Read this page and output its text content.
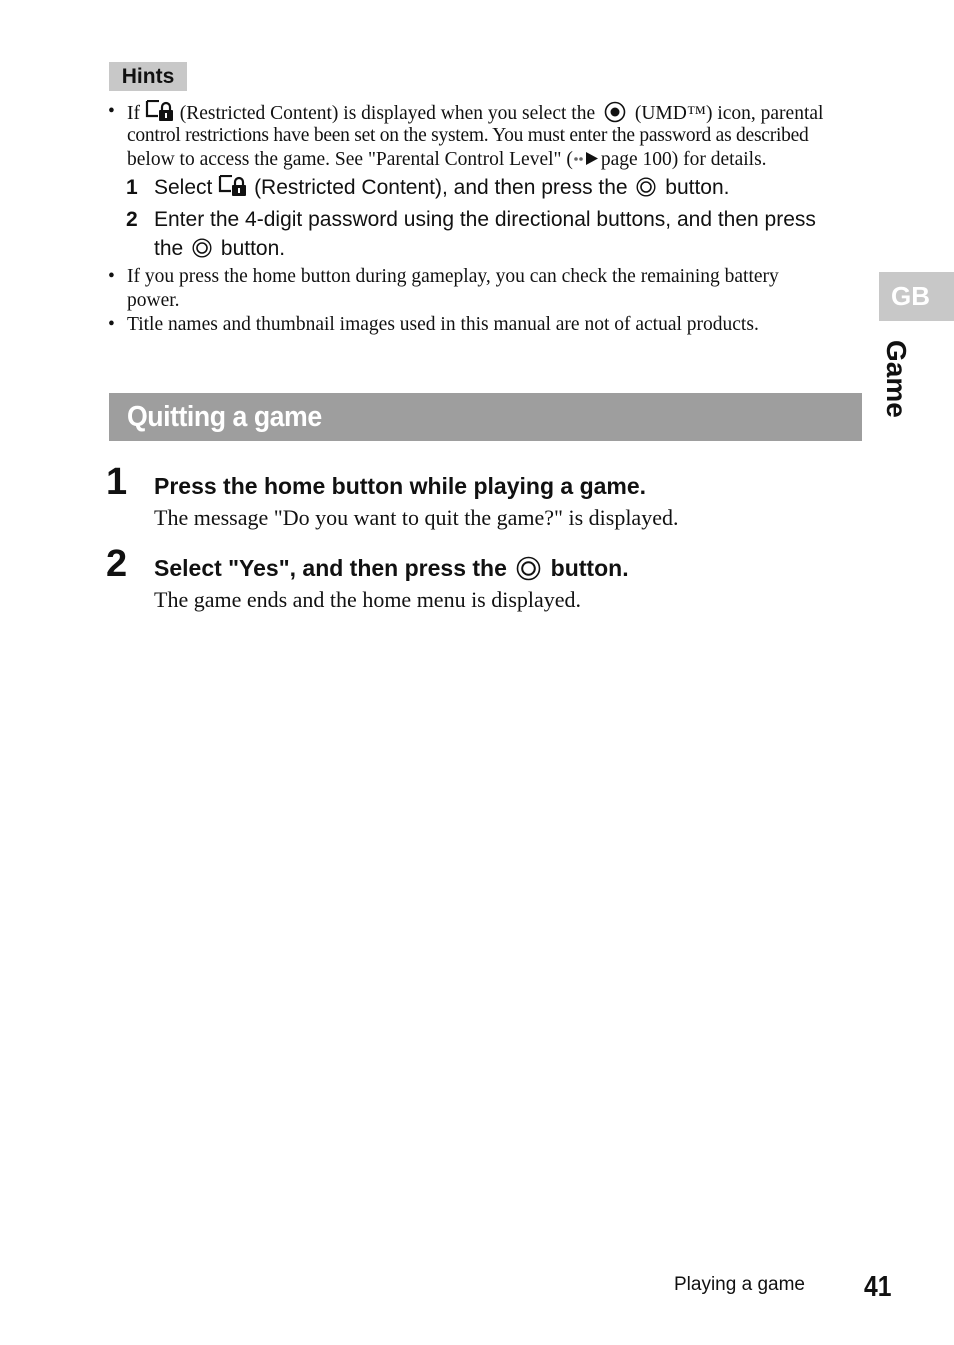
Hints
• If (Restricted Content) is displayed when you select the (UMD™) icon, parental
control restrictions have been set on the system. You must enter the password as described
below to access the game. See "Parental Control Level" ( page 100) for details.
1 Select (Restricted Content), and then press the button.
2 Enter the 4-digit password using the directional buttons, and then press
the button.
• If you press the home button during gameplay, you can check the remaining battery
power.
• Title names and thumbnail images used in this manual are not of actual products.
Quitting a game
1 Press the home button while playing a game.
The message "Do you want to quit the game?" is displayed.
2 Select "Yes", and then press the button.
The game ends and the home menu is displayed.
GB
Game
Playing a game 41
